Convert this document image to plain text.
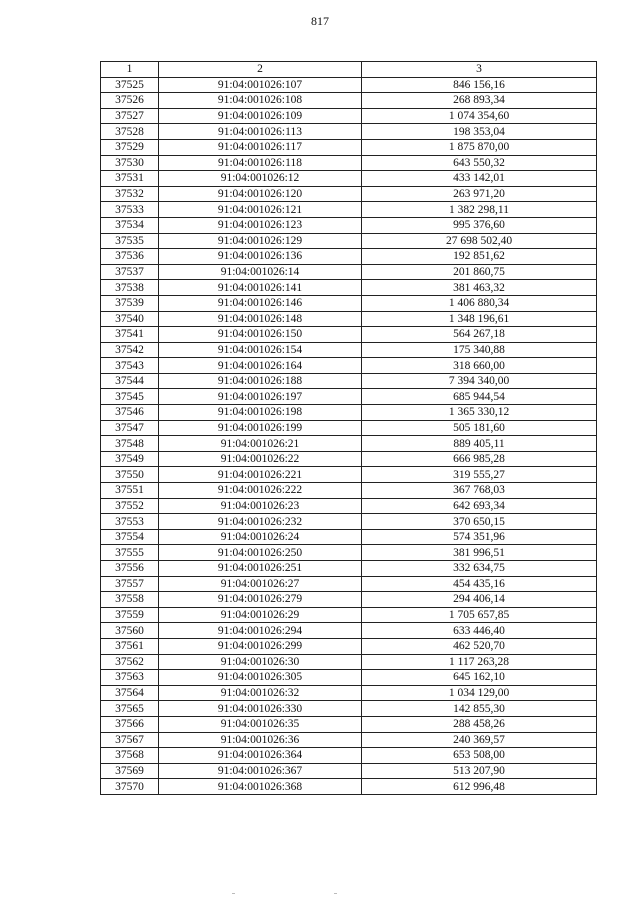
817
1	2	3
37525	91:04:001026:107	846 156,16
37526	91:04:001026:108	268 893,34
37527	91:04:001026:109	1 074 354,60
37528	91:04:001026:113	198 353,04
37529	91:04:001026:117	1 875 870,00
37530	91:04:001026:118	643 550,32
37531	91:04:001026:12	433 142,01
37532	91:04:001026:120	263 971,20
37533	91:04:001026:121	1 382 298,11
37534	91:04:001026:123	995 376,60
37535	91:04:001026:129	27 698 502,40
37536	91:04:001026:136	192 851,62
37537	91:04:001026:14	201 860,75
37538	91:04:001026:141	381 463,32
37539	91:04:001026:146	1 406 880,34
37540	91:04:001026:148	1 348 196,61
37541	91:04:001026:150	564 267,18
37542	91:04:001026:154	175 340,88
37543	91:04:001026:164	318 660,00
37544	91:04:001026:188	7 394 340,00
37545	91:04:001026:197	685 944,54
37546	91:04:001026:198	1 365 330,12
37547	91:04:001026:199	505 181,60
37548	91:04:001026:21	889 405,11
37549	91:04:001026:22	666 985,28
37550	91:04:001026:221	319 555,27
37551	91:04:001026:222	367 768,03
37552	91:04:001026:23	642 693,34
37553	91:04:001026:232	370 650,15
37554	91:04:001026:24	574 351,96
37555	91:04:001026:250	381 996,51
37556	91:04:001026:251	332 634,75
37557	91:04:001026:27	454 435,16
37558	91:04:001026:279	294 406,14
37559	91:04:001026:29	1 705 657,85
37560	91:04:001026:294	633 446,40
37561	91:04:001026:299	462 520,70
37562	91:04:001026:30	1 117 263,28
37563	91:04:001026:305	645 162,10
37564	91:04:001026:32	1 034 129,00
37565	91:04:001026:330	142 855,30
37566	91:04:001026:35	288 458,26
37567	91:04:001026:36	240 369,57
37568	91:04:001026:364	653 508,00
37569	91:04:001026:367	513 207,90
37570	91:04:001026:368	612 996,48
